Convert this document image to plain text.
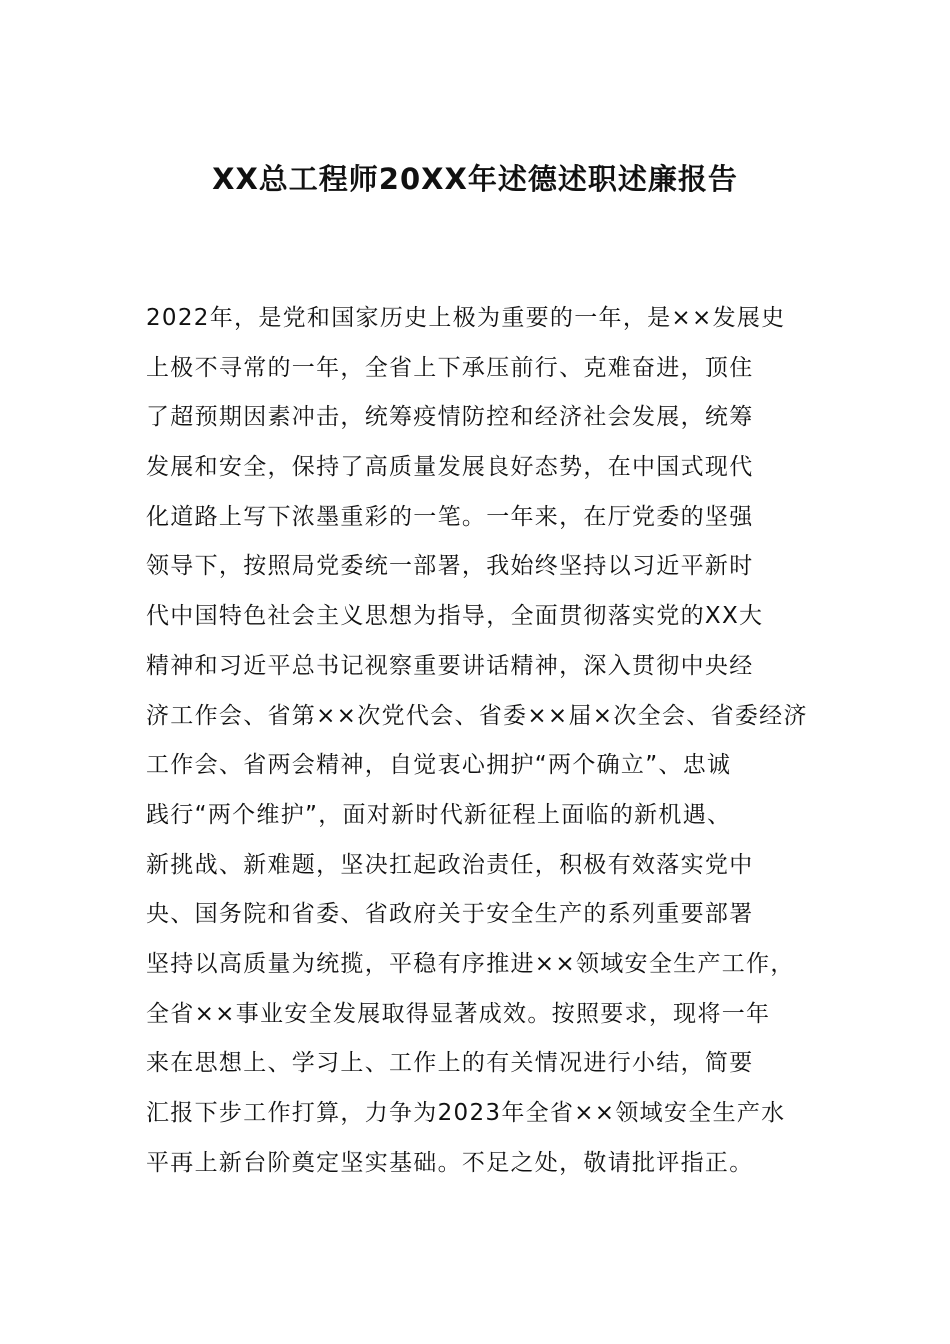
XX总工程师20XX年述德述职述廉报告
2022年，是党和国家历史上极为重要的一年，是××发展史
上极不寻常的一年，全省上下承压前行、克难奋进，顶住
了超预期因素冲击，统筹疫情防控和经济社会发展，统筹
发展和安全，保持了高质量发展良好态势，在中国式现代
化道路上写下浓墨重彩的一笔。一年来，在厅党委的坚强
领导下，按照局党委统一部署，我始终坚持以习近平新时
代中国特色社会主义思想为指导，全面贯彻落实党的XX大
精神和习近平总书记视察重要讲话精神，深入贯彻中央经
济工作会、省第××次党代会、省委××届×次全会、省委经济
工作会、省两会精神，自觉衷心拥护“两个确立”、忠诚
践行“两个维护”，面对新时代新征程上面临的新机遇、
新挑战、新难题，坚决扛起政治责任，积极有效落实党中
央、国务院和省委、省政府关于安全生产的系列重要部署
坚持以高质量为统揽，平稳有序推进××领域安全生产工作，
全省××事业安全发展取得显著成效。按照要求，现将一年
来在思想上、学习上、工作上的有关情况进行小结，简要
汇报下步工作打算，力争为2023年全省××领域安全生产水
平再上新台阶奠定坚实基础。不足之处，敬请批评指正。
